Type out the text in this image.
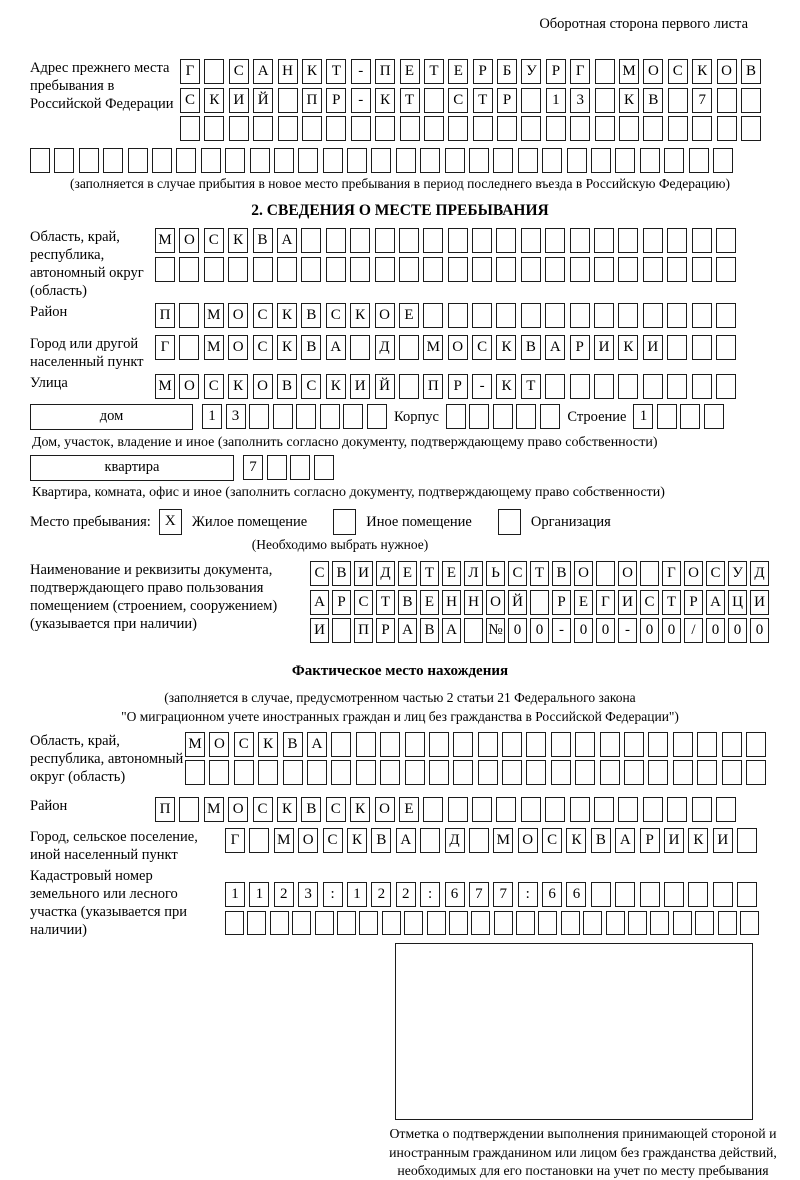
Оборотная сторона первого листа
Адрес прежнего места пребывания в Российской Федерации
Г	С А Н К Т - П Е Т Е Р Б У Р Г	М О С К О В
С К И Й	П Р - К Т	С Т Р	1 3	К В	7
(заполняется в случае прибытия в новое место пребывания в период последнего въезда в Российскую Федерацию)
2. СВЕДЕНИЯ О МЕСТЕ ПРЕБЫВАНИЯ
Область, край, республика, автономный округ (область)
М О С К В А
Район	П М О С К В С К О Е
Город или другой населенный пункт
Г	М О С К В А	Д М О С К В А Р И К И
Улица	М О С К О В С К И Й	П Р - К Т
дом	1 3	Корпус	Строение 1
Дом, участок, владение и иное (заполнить согласно документу, подтверждающему право собственности)
квартира	7
Квартира, комната, офис и иное (заполнить согласно документу, подтверждающему право собственности)
Место пребывания: X	Жилое помещение	Иное помещение	Организация
(Необходимо выбрать нужное)
Наименование и реквизиты документа, подтверждающего право пользования помещением (строением, сооружением) (указывается при наличии)
С В И Д Е Т Е Л Ь С Т В О О Г О С У Д
А Р С Т В Е Н Н О Й Р Е Г И С Т Р А Ц И
И П Р А В А № 0 0 - 0 0 - 0 0 / 0 0 0
Фактическое место нахождения
(заполняется в случае, предусмотренном частью 2 статьи 21 Федерального закона
"О миграционном учете иностранных граждан и лиц без гражданства в Российской Федерации")
Область, край, республика, автономный округ (область)
М О С К В А
Район	П М О С К В С К О Е
Город, сельское поселение, иной населенный пункт
Г	М О С К В А	Д М О С К В А Р И К И
Кадастровый номер земельного или лесного участка (указывается при наличии)
1 1 2 3 : 1 2 2 : 6 7 7 : 6 6
Отметка о подтверждении выполнения принимающей стороной и иностранным гражданином или лицом без гражданства действий, необходимых для его постановки на учет по месту пребывания
